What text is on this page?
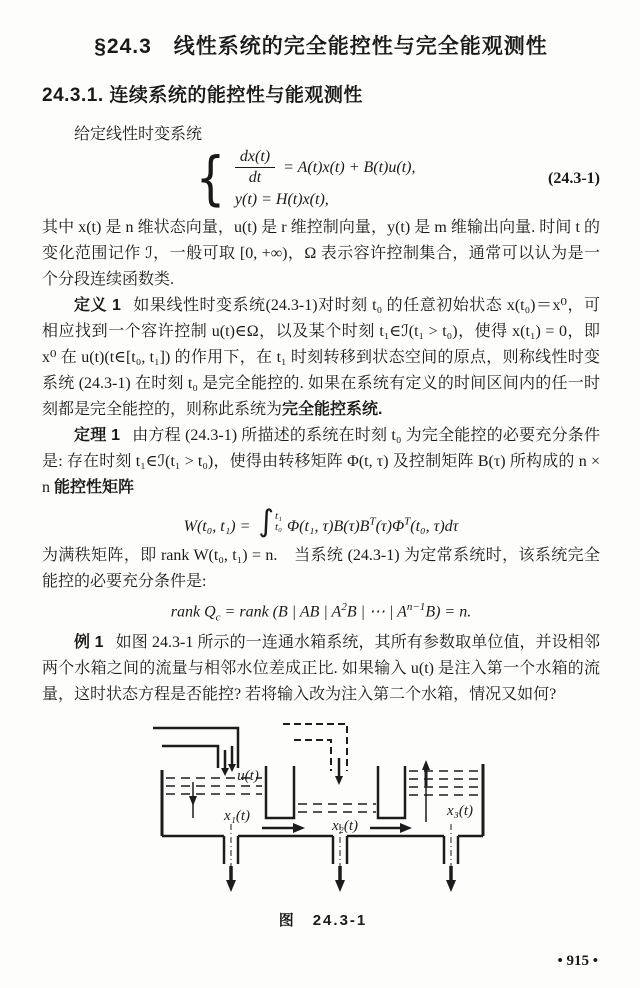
§24.3　线性系统的完全能控性与完全能观测性
24.3.1. 连续系统的能控性与能观测性

给定线性时变系统

{ $\frac{dx(t)}{dt} = A(t)x(t) + B(t)u(t)$,
y(t) = H(t)x(t),
(24.3-1)

其中 x(t) 是 n 维状态向量，u(t) 是 r 维控制向量，y(t) 是 m 维输出向量. 时间 t 的变化范围记作 ℐ，一般可取 [0, +∞)，Ω 表示容许控制集合，通常可以认为是一个分段连续函数类.

定义 1 如果线性时变系统(24.3-1)对时刻 t₀ 的任意初始状态 x(t₀)＝x⁰，可相应找到一个容许控制 u(t)∈Ω，以及某个时刻 t₁∈ℐ(t₁ > t₀)，使得 x(t₁) = 0，即 x⁰ 在 u(t)(t∈[t₀, t₁]) 的作用下，在 t₁ 时刻转移到状态空间的原点，则称线性时变系统 (24.3-1) 在时刻 t₀ 是完全能控的. 如果在系统有定义的时间区间内的任一时刻都是完全能控的，则称此系统为完全能控系统.

定理 1 由方程 (24.3-1) 所描述的系统在时刻 t₀ 为完全能控的必要充分条件是: 存在时刻 t₁∈ℐ(t₁ > t₀)，使得由转移矩阵 Φ(t, τ) 及控制矩阵 B(τ) 所构成的 n × n 能控性矩阵

W(t₀, t₁) = ∫ t₁
t₀ Φ(t₁, $\tau)B(\tau)B^T(\tau)\Phi^T(t_0$, τ)dτ

为满秩矩阵，即 rank W(t₀, t₁) = n.　当系统 (24.3-1) 为定常系统时，该系统完全能控的必要充分条件是:

rank $Q_c$ = rank (B | AB | $A^2B$ | ⋯ | $A^{n-1}B) = n$.

例 1 如图 24.3-1 所示的一连通水箱系统，其所有参数取单位值，并设相邻两个水箱之间的流量与相邻水位差成正比. 如果输入 u(t) 是注入第一个水箱的流量，这时状态方程是否能控? 若将输入改为注入第二个水箱，情况又如何?

u(t)
x₁(t)
x₂(t)
x₃(t)
图　24.3-1
• 915 •
